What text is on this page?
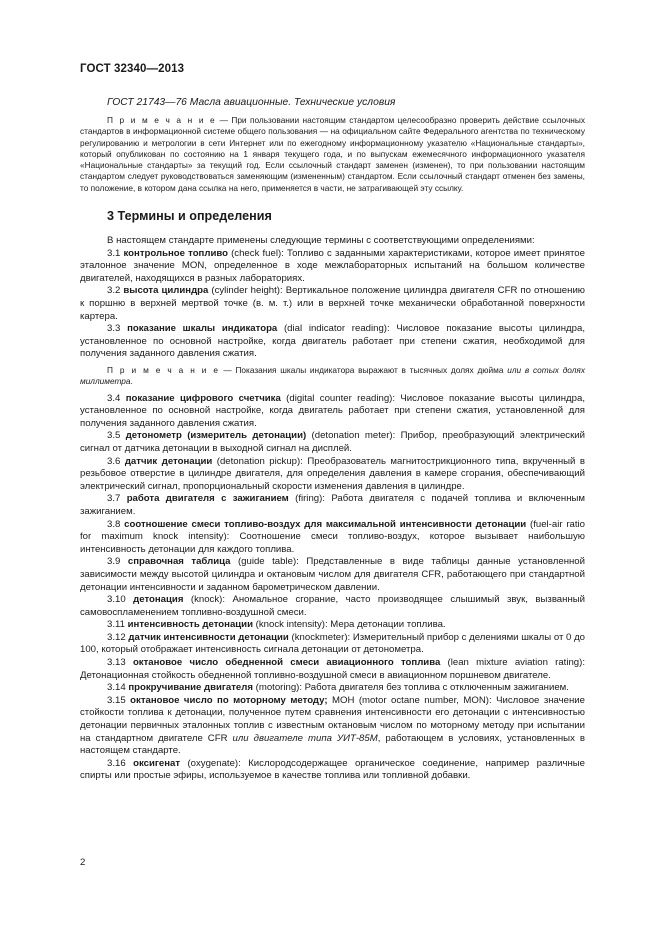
ГОСТ 32340—2013
ГОСТ 21743—76 Масла авиационные. Технические условия

П р и м е ч а н и е — При пользовании настоящим стандартом целесообразно проверить действие ссылочных стандартов в информационной системе общего пользования — на официальном сайте Федерального агентства по техническому регулированию и метрологии в сети Интернет или по ежегодному информационному указателю «Национальные стандарты», который опубликован по состоянию на 1 января текущего года, и по выпускам ежемесячного информационного указателя «Национальные стандарты» за текущий год. Если ссылочный стандарт заменен (изменен), то при пользовании настоящим стандартом следует руководствоваться заменяющим (измененным) стандартом. Если ссылочный стандарт отменен без замены, то положение, в котором дана ссылка на него, применяется в части, не затрагивающей эту ссылку.

3 Термины и определения

В настоящем стандарте применены следующие термины с соответствующими определениями:

3.1 контрольное топливо (check fuel): Топливо с заданными характеристиками, которое имеет принятое эталонное значение MON, определенное в ходе межлабораторных испытаний на большом количестве двигателей, находящихся в разных лабораториях.

3.2 высота цилиндра (cylinder height): Вертикальное положение цилиндра двигателя CFR по отношению к поршню в верхней мертвой точке (в. м. т.) или в верхней точке механически обработанной поверхности картера.

3.3 показание шкалы индикатора (dial indicator reading): Числовое показание высоты цилиндра, установленное по основной настройке, когда двигатель работает при степени сжатия, необходимой для получения заданного давления сжатия.

П р и м е ч а н и е — Показания шкалы индикатора выражают в тысячных долях дюйма или в сотых долях миллиметра.

3.4 показание цифрового счетчика (digital counter reading): Числовое показание высоты цилиндра, установленное по основной настройке, когда двигатель работает при степени сжатия, установленной для получения заданного давления сжатия.

3.5 детонометр (измеритель детонации) (detonation meter): Прибор, преобразующий электрический сигнал от датчика детонации в выходной сигнал на дисплей.

3.6 датчик детонации (detonation pickup): Преобразователь магнитострикционного типа, вкрученный в резьбовое отверстие в цилиндре двигателя, для определения давления в камере сгорания, обеспечивающий электрический сигнал, пропорциональный скорости изменения давления в цилиндре.

3.7 работа двигателя с зажиганием (firing): Работа двигателя с подачей топлива и включенным зажиганием.

3.8 соотношение смеси топливо-воздух для максимальной интенсивности детонации (fuel-air ratio for maximum knock intensity): Соотношение смеси топливо-воздух, которое вызывает наибольшую интенсивность детонации для каждого топлива.

3.9 справочная таблица (guide table): Представленные в виде таблицы данные установленной зависимости между высотой цилиндра и октановым числом для двигателя CFR, работающего при стандартной детонации интенсивности и заданном барометрическом давлении.

3.10 детонация (knock): Аномальное сгорание, часто производящее слышимый звук, вызванный самовоспламенением топливно-воздушной смеси.

3.11 интенсивность детонации (knock intensity): Мера детонации топлива.

3.12 датчик интенсивности детонации (knockmeter): Измерительный прибор с делениями шкалы от 0 до 100, который отображает интенсивность сигнала детонации от детонометра.

3.13 октановое число обедненной смеси авиационного топлива (lean mixture aviation rating): Детонационная стойкость обедненной топливно-воздушной смеси в авиационном поршневом двигателе.

3.14 прокручивание двигателя (motoring): Работа двигателя без топлива с отключенным зажиганием.

3.15 октановое число по моторному методу; МОН (motor octane number, MON): Числовое значение стойкости топлива к детонации, полученное путем сравнения интенсивности его детонации с интенсивностью детонации первичных эталонных топлив с известным октановым числом по моторному методу при испытании на стандартном двигателе CFR или двигателе типа УИТ-85М, работающем в условиях, установленных в настоящем стандарте.

3.16 оксигенат (oxygenate): Кислородсодержащее органическое соединение, например различные спирты или простые эфиры, используемое в качестве топлива или топливной добавки.

2
